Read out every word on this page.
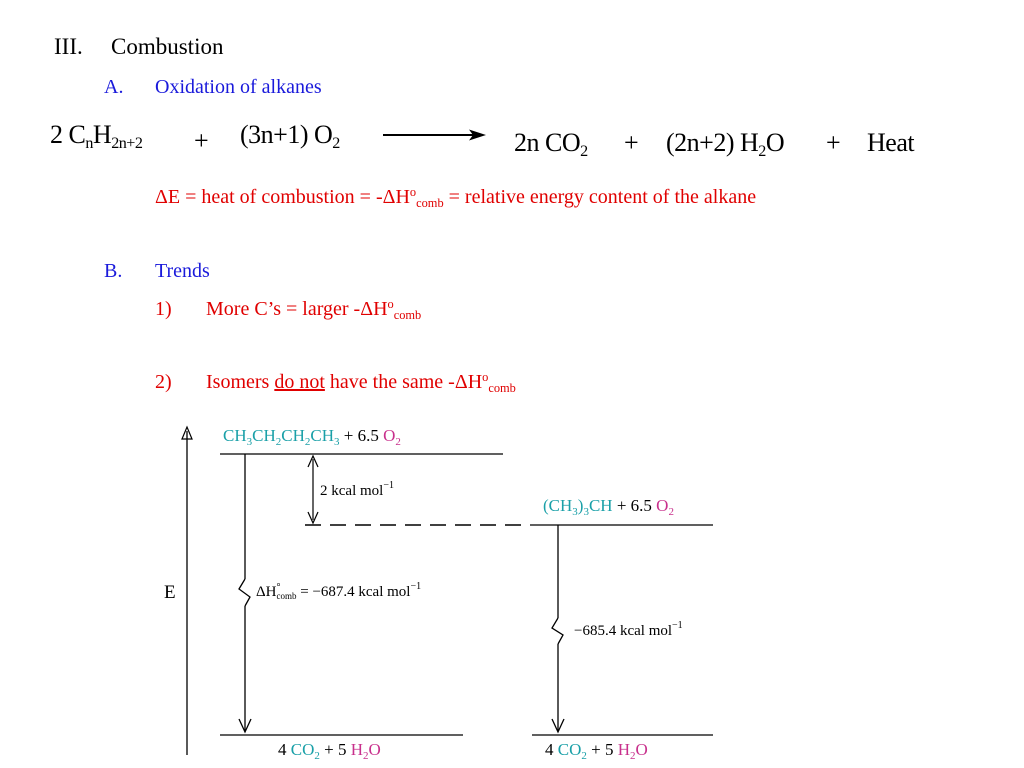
III. Combustion
A. Oxidation of alkanes
2 $C_nH_{2n+2} + (3n+1) O_2 \to 2n$ $CO_2 + (2n+2) H_2O$ + Heat
ΔE = heat of combustion = $-\Delta H^o_{comb}$ = relative energy content of the alkane
B. Trends
1) More C’s = larger $-\Delta H^o_{comb}$
2) Isomers do not have the same $-\Delta H^o_{comb}$
E
$CH_3CH_2CH_2CH_3 + 6.5$ $O_2$
$(CH_3)_3CH + 6.5$ $O_2$
2 kcal mol$^{-1}$
ΔH° comb = −687.4 kcal mol$^{-1}$
−685.4 kcal mol$^{-1}$
4 $CO_2 + 5$ $H_2O$	4 $CO_2 + 5$ $H_2O$
